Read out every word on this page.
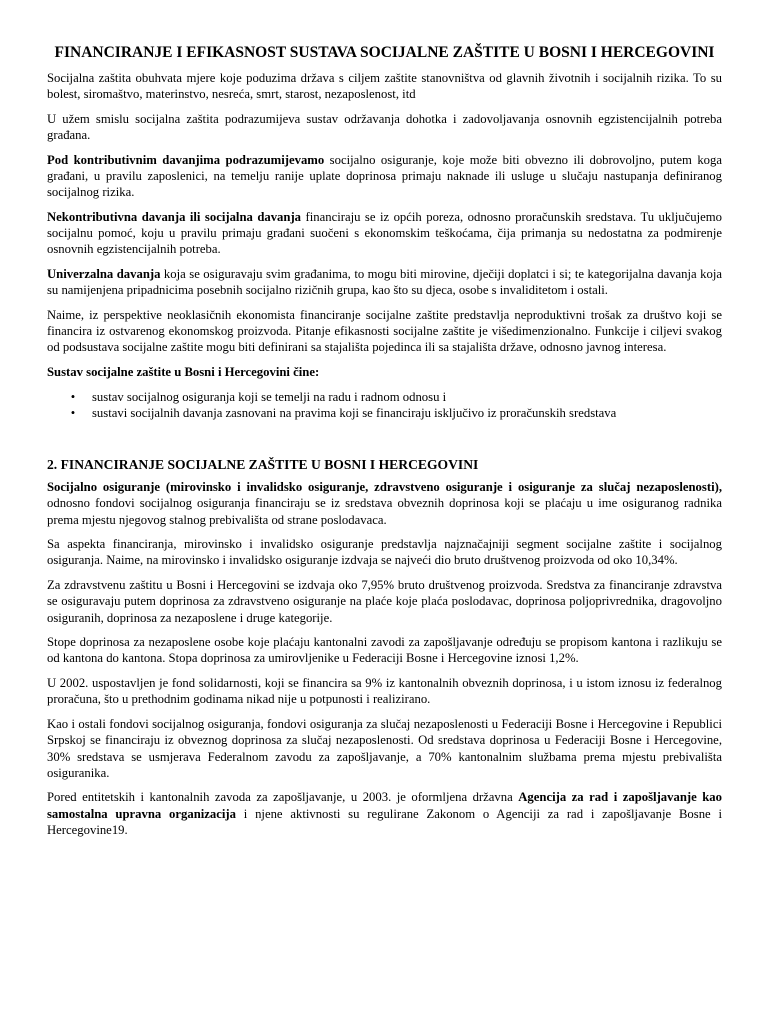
FINANCIRANJE I EFIKASNOST SUSTAVA SOCIJALNE ZAŠTITE U BOSNI I HERCEGOVINI

Socijalna zaštita obuhvata mjere koje poduzima država s ciljem zaštite stanovništva od glavnih životnih i socijalnih rizika. To su bolest, siromaštvo, materinstvo, nesreća, smrt, starost, nezaposlenost, itd

U užem smislu socijalna zaštita podrazumijeva sustav održavanja dohotka i zadovoljavanja osnovnih egzistencijalnih potreba građana.

Pod kontributivnim davanjima podrazumijevamo socijalno osiguranje, koje može biti obvezno ili dobrovoljno, putem koga građani, u pravilu zaposlenici, na temelju ranije uplate doprinosa primaju naknade ili usluge u slučaju nastupanja definiranog socijalnog rizika.

Nekontributivna davanja ili socijalna davanja financiraju se iz općih poreza, odnosno proračunskih sredstava. Tu uključujemo socijalnu pomoć, koju u pravilu primaju građani suočeni s ekonomskim teškoćama, čija primanja su nedostatna za podmirenje osnovnih egzistencijalnih potreba.

Univerzalna davanja koja se osiguravaju svim građanima, to mogu biti mirovine, dječiji doplatci i si; te kategorijalna davanja koja su namijenjena pripadnicima posebnih socijalno rizičnih grupa, kao što su djeca, osobe s invaliditetom i ostali.

Naime, iz perspektive neoklasičnih ekonomista financiranje socijalne zaštite predstavlja neproduktivni trošak za društvo koji se financira iz ostvarenog ekonomskog proizvoda. Pitanje efikasnosti socijalne zaštite je višedimenzionalno. Funkcije i ciljevi svakog od podsustava socijalne zaštite mogu biti definirani sa stajališta pojedinca ili sa stajališta države, odnosno javnog interesa.

Sustav socijalne zaštite u Bosni i Hercegovini čine:

• sustav socijalnog osiguranja koji se temelji na radu i radnom odnosu i
• sustavi socijalnih davanja zasnovani na pravima koji se financiraju isključivo iz proračunskih sredstava
2. FINANCIRANJE SOCIJALNE ZAŠTITE U BOSNI I HERCEGOVINI

Socijalno osiguranje (mirovinsko i invalidsko osiguranje, zdravstveno osiguranje i osiguranje za slučaj nezaposlenosti), odnosno fondovi socijalnog osiguranja financiraju se iz sredstava obveznih doprinosa koji se plaćaju u ime osiguranog radnika prema mjestu njegovog stalnog prebivališta od strane poslodavaca.

Sa aspekta financiranja, mirovinsko i invalidsko osiguranje predstavlja najznačajniji segment socijalne zaštite i socijalnog osiguranja. Naime, na mirovinsko i invalidsko osiguranje izdvaja se najveći dio bruto društvenog proizvoda od oko 10,34%.

Za zdravstvenu zaštitu u Bosni i Hercegovini se izdvaja oko 7,95% bruto društvenog proizvoda. Sredstva za financiranje zdravstva se osiguravaju putem doprinosa za zdravstveno osiguranje na plaće koje plaća poslodavac, doprinosa poljoprivrednika, dragovoljno osiguranih, doprinosa za nezaposlene i druge kategorije.

Stope doprinosa za nezaposlene osobe koje plaćaju kantonalni zavodi za zapošljavanje određuju se propisom kantona i razlikuju se od kantona do kantona. Stopa doprinosa za umirovljenike u Federaciji Bosne i Hercegovine iznosi 1,2%.

U 2002. uspostavljen je fond solidarnosti, koji se financira sa 9% iz kantonalnih obveznih doprinosa, i u istom iznosu iz federalnog proračuna, što u prethodnim godinama nikad nije u potpunosti i realizirano.

Kao i ostali fondovi socijalnog osiguranja, fondovi osiguranja za slučaj nezaposlenosti u Federaciji Bosne i Hercegovine i Republici Srpskoj se financiraju iz obveznog doprinosa za slučaj nezaposlenosti. Od sredstava doprinosa u Federaciji Bosne i Hercegovine, 30% sredstava se usmjerava Federalnom zavodu za zapošljavanje, a 70% kantonalnim službama prema mjestu prebivališta osiguranika.

Pored entitetskih i kantonalnih zavoda za zapošljavanje, u 2003. je oformljena državna Agencija za rad i zapošljavanje kao samostalna upravna organizacija i njene aktivnosti su regulirane Zakonom o Agenciji za rad i zapošljavanje Bosne i Hercegovine19.
